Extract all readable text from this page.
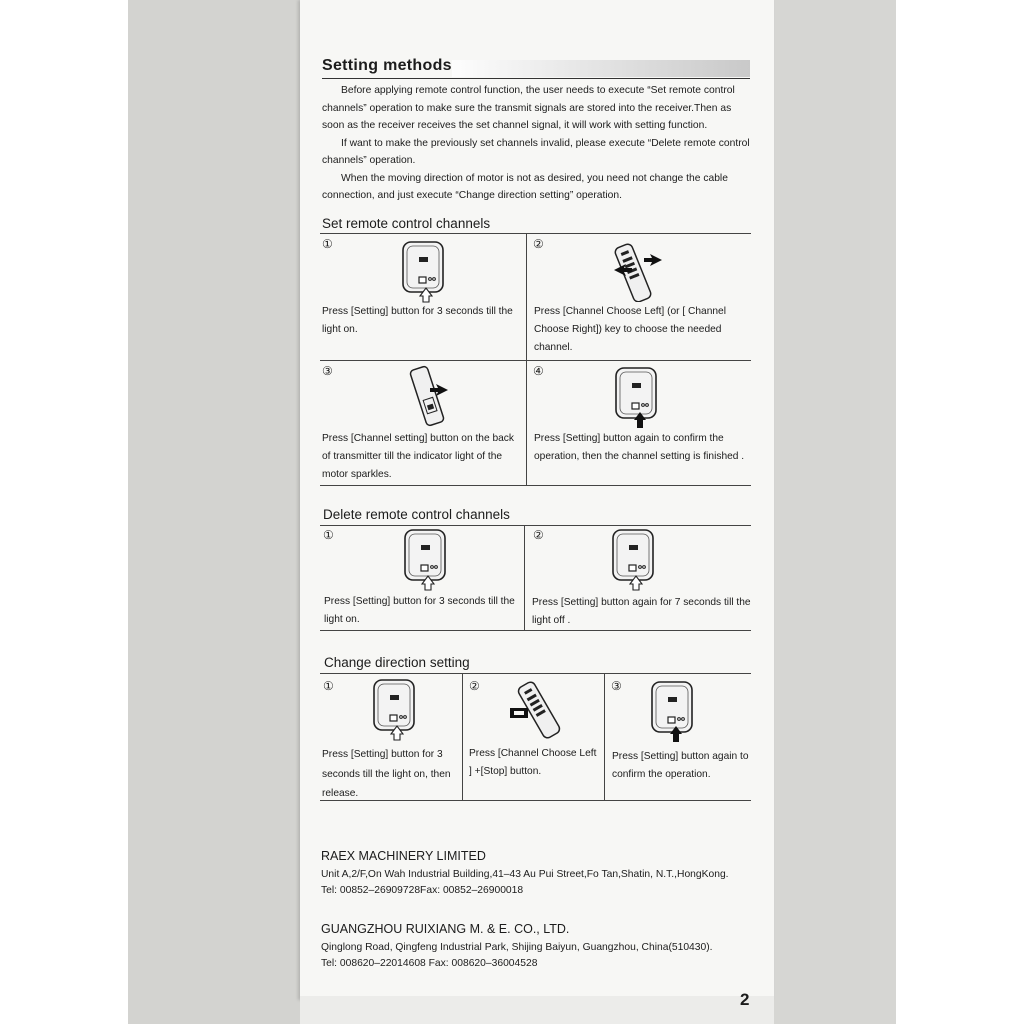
2
Setting methods

Before applying remote control function, the user needs to execute “Set remote control channels” operation to make sure the transmit signals are stored into the receiver.Then as soon as the receiver receives the set channel signal, it will work with setting function.

If want to make the previously set channels invalid, please execute “Delete remote control channels” operation.

When the moving direction of motor is not as desired, you need not change the cable connection, and just execute “Change direction setting” operation.

Set remote control channels
①
Press [Setting] button for 3 seconds till the light on.
②
Press [Channel Choose Left] (or [ Channel Choose Right]) key to choose the needed channel.
③
Press [Channel setting] button on the back of transmitter till the indicator light of the motor sparkles.
④
Press [Setting] button again to confirm the operation, then the channel setting is finished .
Delete remote control channels
①
Press [Setting] button for 3 seconds till the light on.
②
Press [Setting] button again for 7 seconds till the light off .
Change direction setting
①
Press [Setting] button for 3 seconds till the light on, then release.
②
Press [Channel Choose Left ] +[Stop] button.
③
Press [Setting] button again to confirm the operation.
RAEX MACHINERY LIMITED
Unit A,2/F,On Wah Industrial Building,41–43 Au Pui Street,Fo Tan,Shatin, N.T.,HongKong.
Tel: 00852–26909728Fax: 00852–26900018
GUANGZHOU RUIXIANG M. & E. CO., LTD.
Qinglong Road, Qingfeng Industrial Park, Shijing Baiyun, Guangzhou, China(510430).
Tel: 008620–22014608 Fax: 008620–36004528
